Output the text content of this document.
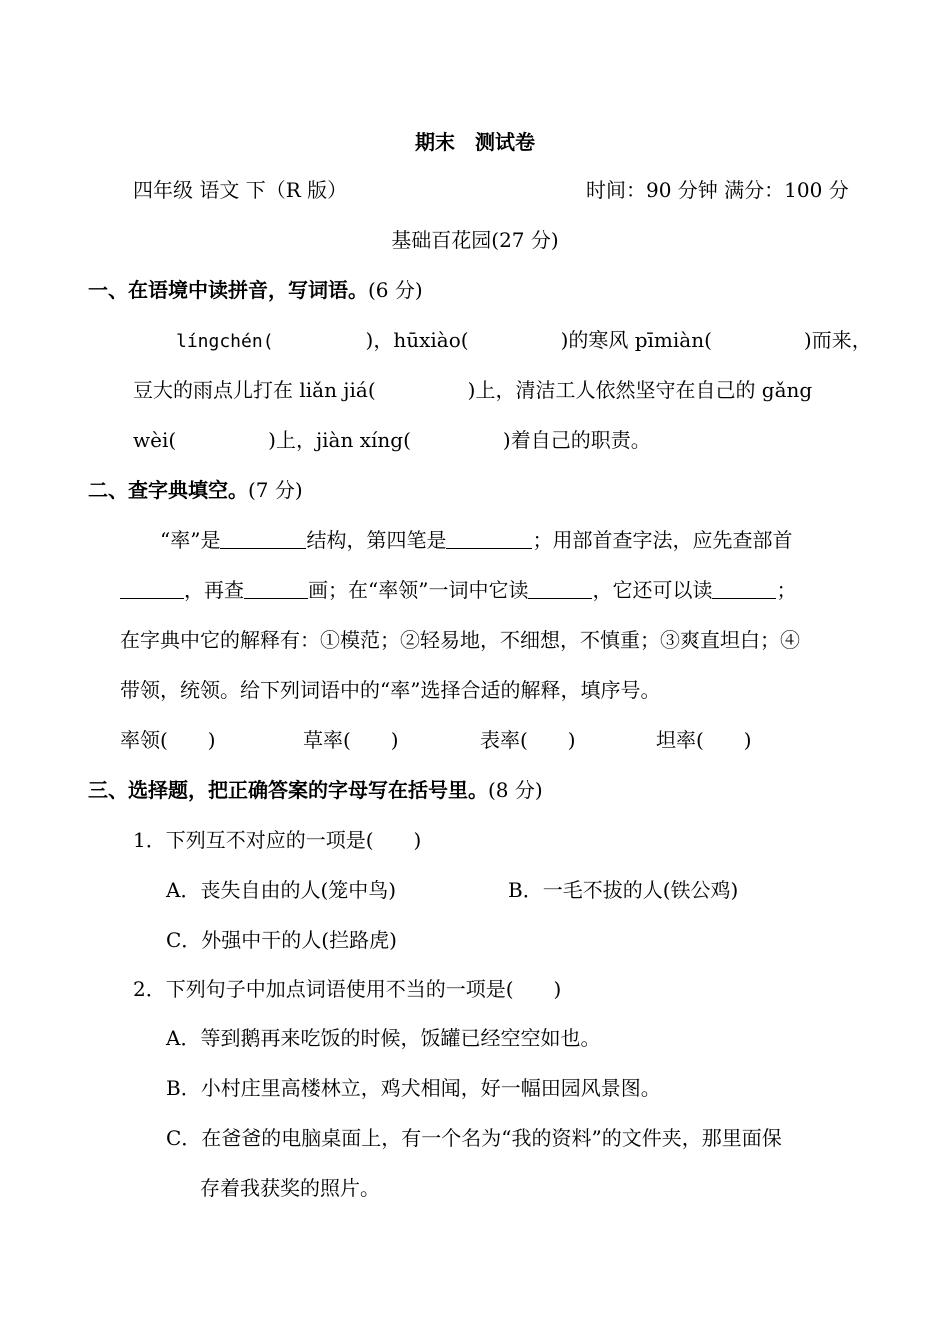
期末　测试卷
四年级 语文 下（R 版）	时间：90 分钟 满分：100 分
基础百花园(27 分)
一、在语境中读拼音，写词语。(6 分)
língchén(	)，hūxiào(	)的寒风 pīmiàn(	)而来，
豆大的雨点儿打在 liǎn jiá(	)上，清洁工人依然坚守在自己的 gǎng
wèi(	)上，jiàn xíng(	)着自己的职责。
二、查字典填空。(7 分)
“率”是	结构，第四笔是	；用部首查字法，应先查部首
，再查	画；在“率领”一词中它读	，它还可以读	；
在字典中它的解释有：①模范；②轻易地，不细想，不慎重；③爽直坦白；④
带领，统领。给下列词语中的“率”选择合适的解释，填序号。
率领(　　)	草率(　　)	表率(　　)	坦率(　　)
三、选择题，把正确答案的字母写在括号里。(8 分)
1．下列互不对应的一项是(　　)
A．丧失自由的人(笼中鸟)	B．一毛不拔的人(铁公鸡)
C．外强中干的人(拦路虎)
2．下列句子中加点词语使用不当的一项是(　　)
A．等到鹅再来吃饭的时候，饭罐已经空空如也。
B．小村庄里高楼林立，鸡犬相闻，好一幅田园风景图。
C．在爸爸的电脑桌面上，有一个名为“我的资料”的文件夹，那里面保
存着我获奖的照片。
